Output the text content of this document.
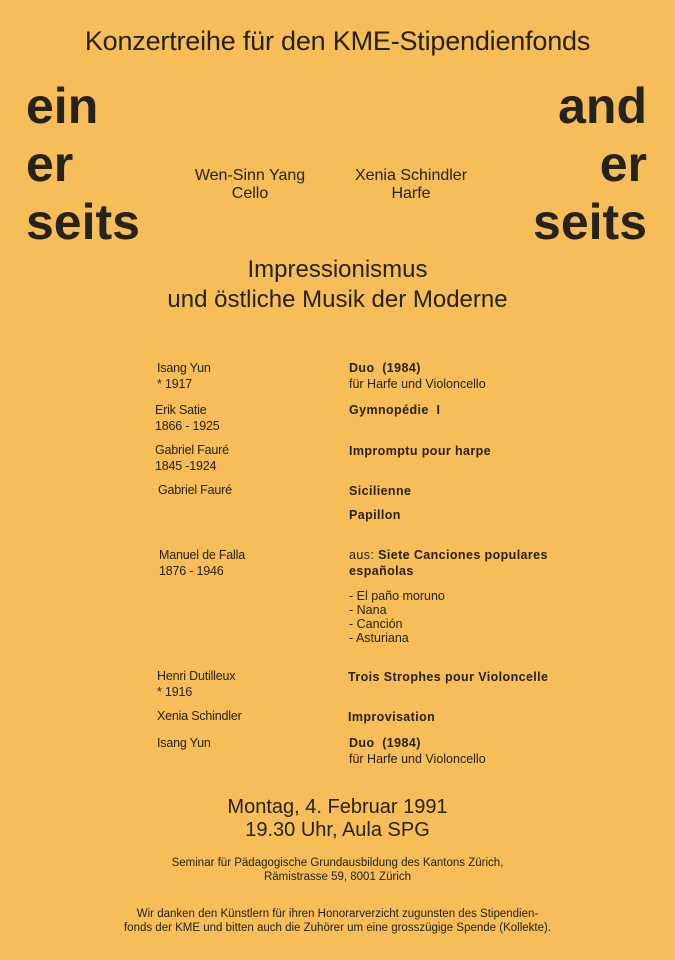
Konzertreihe für den KME-Stipendienfonds
ein
er
seits
and
er
seits
Wen-Sinn Yang
Cello
Xenia Schindler
Harfe
Impressionismus
und östliche Musik der Moderne
Isang Yun
* 1917
Erik Satie
1866 - 1925
Gabriel Fauré
1845 -1924
Gabriel Fauré
Manuel de Falla
1876 - 1946
Henri Dutilleux
* 1916
Xenia Schindler
Isang Yun
Duo  (1984)
für Harfe und Violoncello
Gymnopédie  I
Impromptu pour harpe
Sicilienne
Papillon
aus: Siete Canciones populares
españolas
- El paño moruno
- Nana
- Canción
- Asturiana
Trois Strophes pour Violoncelle
Improvisation
Duo  (1984)
für Harfe und Violoncello
Montag, 4. Februar 1991
19.30 Uhr, Aula SPG
Seminar für Pädagogische Grundausbildung des Kantons Zürich,
Rämistrasse 59, 8001 Zürich
Wir danken den Künstlern für ihren Honorarverzicht zugunsten des Stipendien-
fonds der KME und bitten auch die Zuhörer um eine grosszügige Spende (Kollekte).
